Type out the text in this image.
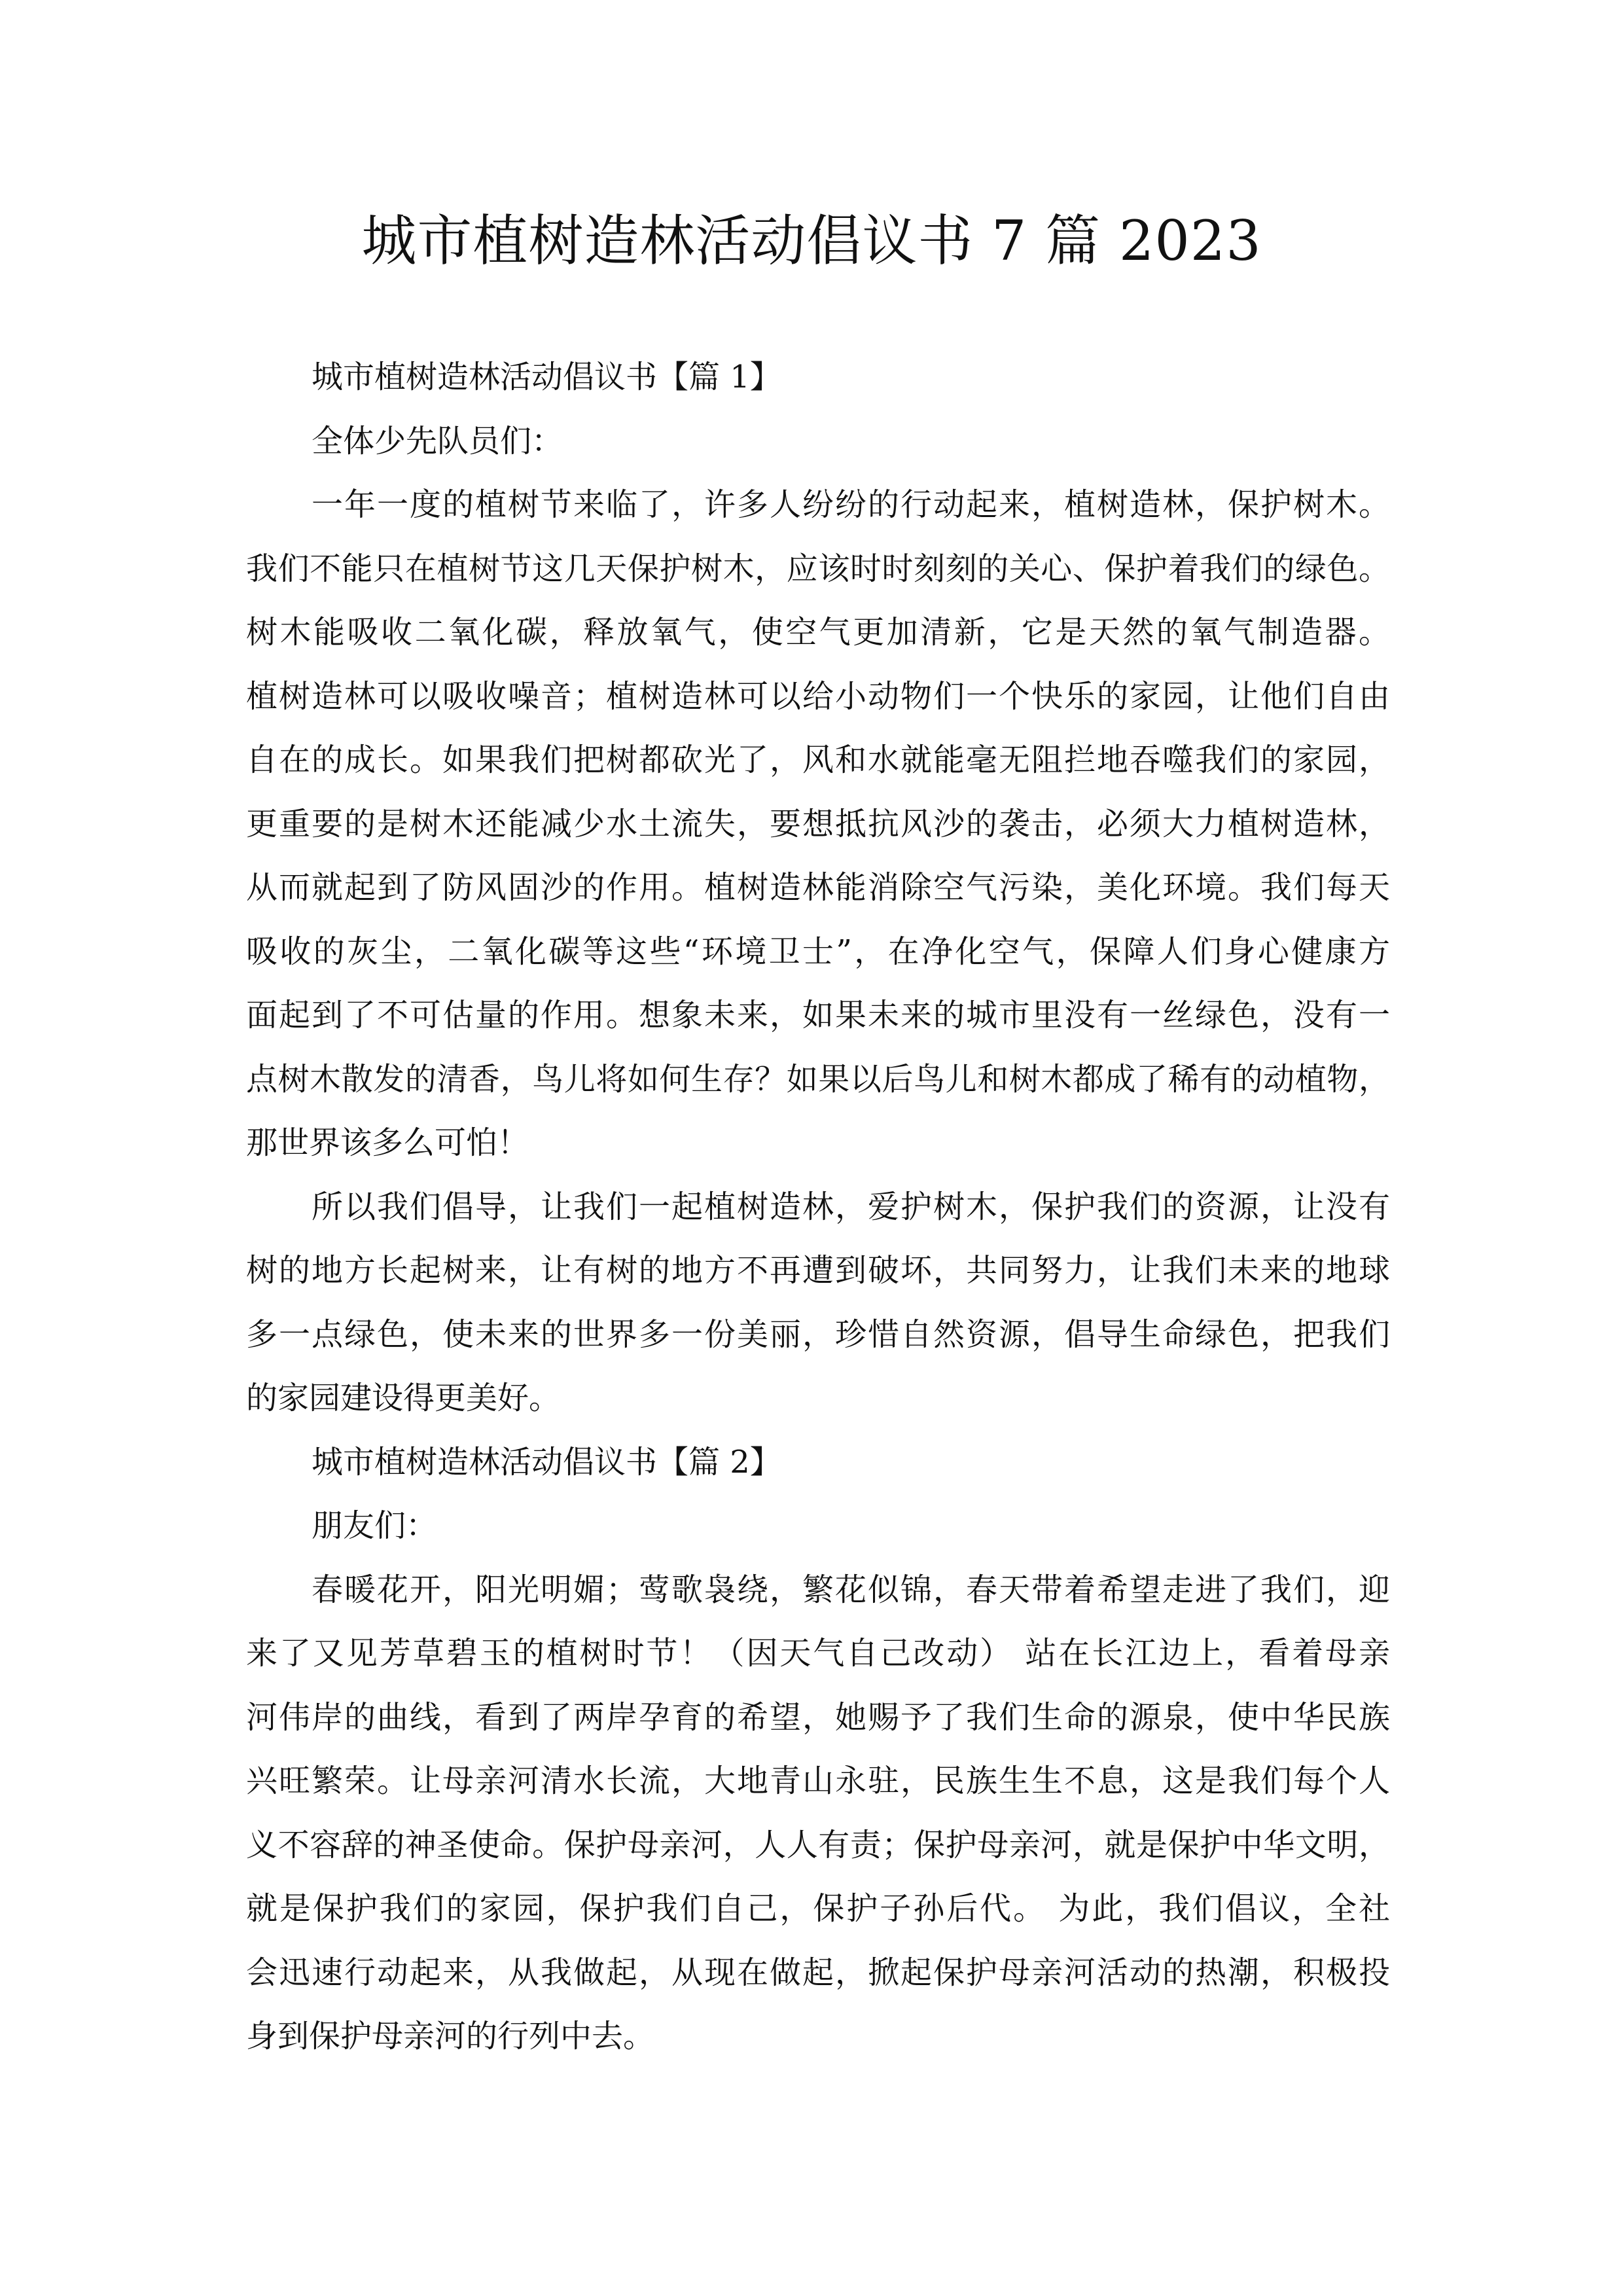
城市植树造林活动倡议书 7 篇 2023
城市植树造林活动倡议书【篇 1】
全体少先队员们：
一年一度的植树节来临了，许多人纷纷的行动起来，植树造林，保护树木。
我们不能只在植树节这几天保护树木，应该时时刻刻的关心、保护着我们的绿色。
树木能吸收二氧化碳，释放氧气，使空气更加清新，它是天然的氧气制造器。
植树造林可以吸收噪音；植树造林可以给小动物们一个快乐的家园，让他们自由
自在的成长。如果我们把树都砍光了，风和水就能毫无阻拦地吞噬我们的家园，
更重要的是树木还能减少水土流失，要想抵抗风沙的袭击，必须大力植树造林，
从而就起到了防风固沙的作用。植树造林能消除空气污染，美化环境。我们每天
吸收的灰尘，二氧化碳等这些“环境卫士”，在净化空气，保障人们身心健康方
面起到了不可估量的作用。想象未来，如果未来的城市里没有一丝绿色，没有一
点树木散发的清香，鸟儿将如何生存？如果以后鸟儿和树木都成了稀有的动植物，
那世界该多么可怕！
所以我们倡导，让我们一起植树造林，爱护树木，保护我们的资源，让没有
树的地方长起树来，让有树的地方不再遭到破坏，共同努力，让我们未来的地球
多一点绿色，使未来的世界多一份美丽，珍惜自然资源，倡导生命绿色，把我们
的家园建设得更美好。
城市植树造林活动倡议书【篇 2】
朋友们：
春暖花开，阳光明媚；莺歌袅绕，繁花似锦，春天带着希望走进了我们，迎
来了又见芳草碧玉的植树时节！（因天气自己改动） 站在长江边上，看着母亲
河伟岸的曲线，看到了两岸孕育的希望，她赐予了我们生命的源泉，使中华民族
兴旺繁荣。让母亲河清水长流，大地青山永驻，民族生生不息，这是我们每个人
义不容辞的神圣使命。保护母亲河，人人有责；保护母亲河，就是保护中华文明，
就是保护我们的家园，保护我们自己，保护子孙后代。 为此，我们倡议，全社
会迅速行动起来，从我做起，从现在做起，掀起保护母亲河活动的热潮，积极投
身到保护母亲河的行列中去。
